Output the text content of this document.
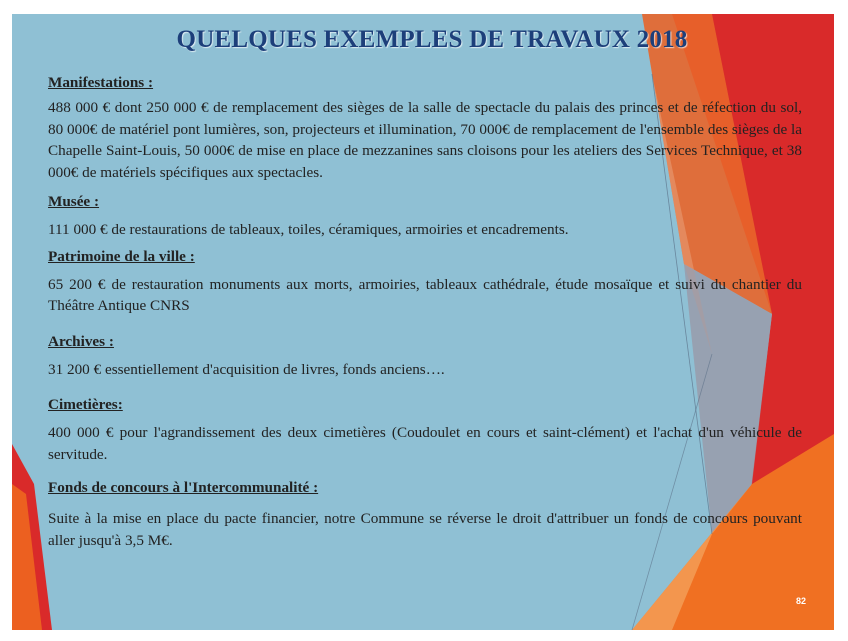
QUELQUES EXEMPLES DE TRAVAUX 2018

Manifestations :

488 000 € dont 250 000 € de remplacement des sièges de la salle de spectacle du palais des princes et de réfection du sol, 80 000€ de matériel pont lumières, son, projecteurs et illumination, 70 000€ de remplacement de l'ensemble des sièges de la Chapelle Saint-Louis, 50 000€ de mise en place de mezzanines sans cloisons pour les ateliers des Services Technique, et 38 000€ de matériels spécifiques aux spectacles.

Musée :

111 000 € de restaurations de tableaux, toiles, céramiques, armoiries et encadrements.

Patrimoine de la ville :

65 200 € de restauration monuments aux morts, armoiries, tableaux cathédrale, étude mosaïque et suivi du chantier du Théâtre Antique CNRS

Archives :

31 200 € essentiellement d'acquisition de livres, fonds anciens….

Cimetières:

400 000 € pour l'agrandissement des deux cimetières (Coudoulet en cours et saint-clément) et l'achat d'un véhicule de servitude.

Fonds de concours à l'Intercommunalité :

Suite à la mise en place du pacte financier, notre Commune se réverse le droit d'attribuer un fonds de concours pouvant aller jusqu'à 3,5 M€.

82
